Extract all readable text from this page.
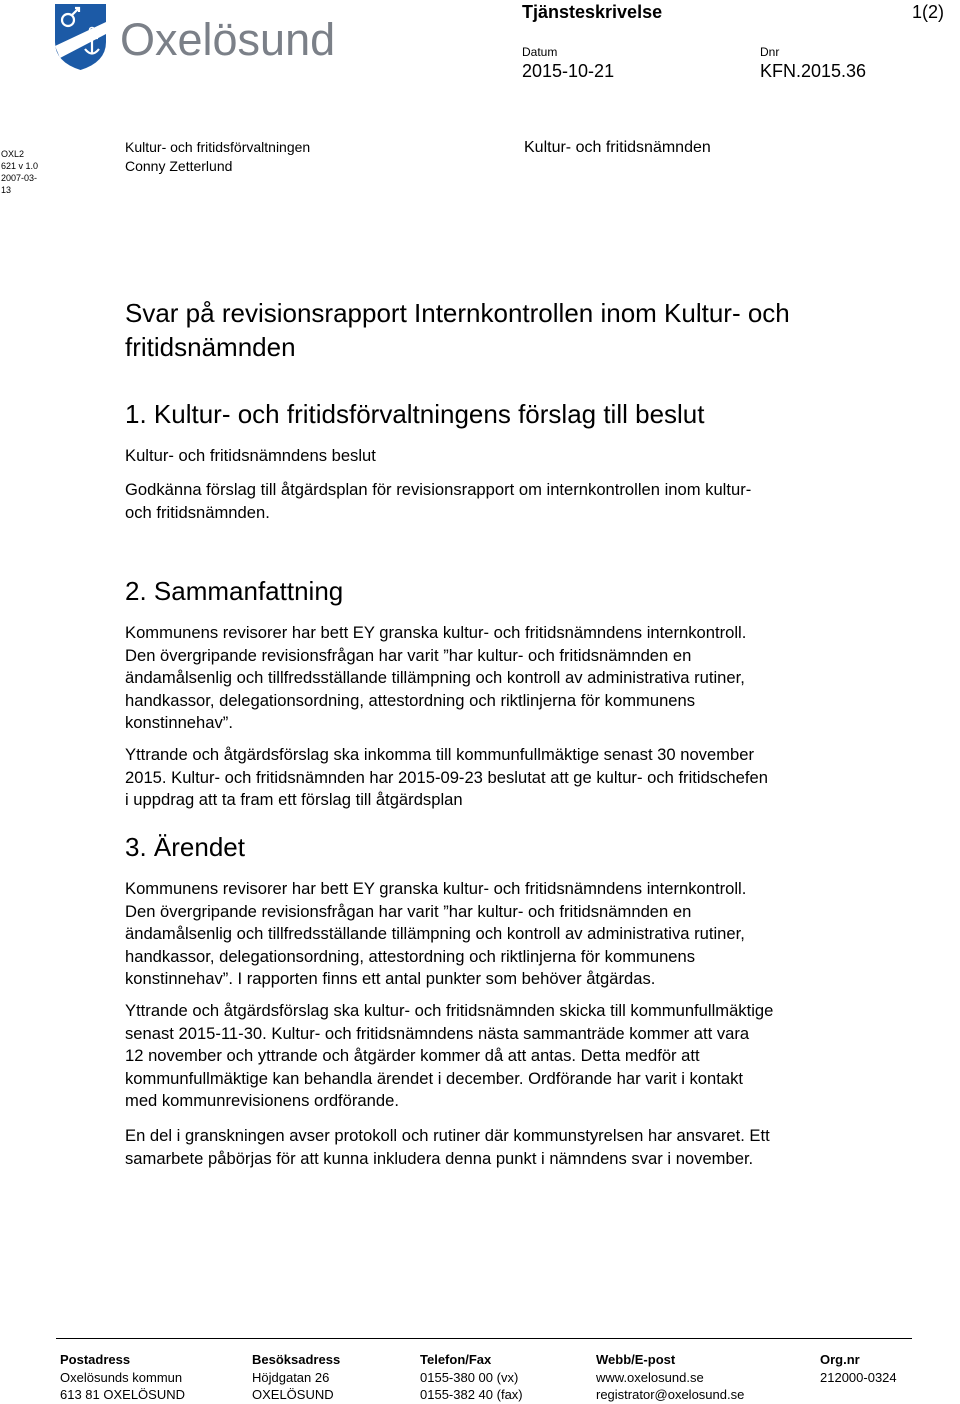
Oxelösund
Tjänsteskrivelse	1(2)
Datum
2015-10-21
Dnr
KFN.2015.36
OXL2 621 v 1.0 2007-03-13
Kultur- och fritidsförvaltningen
Conny Zetterlund
Kultur- och fritidsnämnden
Svar på revisionsrapport Internkontrollen inom Kultur- och fritidsnämnden
1. Kultur- och fritidsförvaltningens förslag till beslut
Kultur- och fritidsnämndens beslut
Godkänna förslag till åtgärdsplan för revisionsrapport om internkontrollen inom kultur-
och fritidsnämnden.
2. Sammanfattning
Kommunens revisorer har bett EY granska kultur- och fritidsnämndens internkontroll.
Den övergripande revisionsfrågan har varit ”har kultur- och fritidsnämnden en
ändamålsenlig och tillfredsställande tillämpning och kontroll av administrativa rutiner,
handkassor, delegationsordning, attestordning och riktlinjerna för kommunens
konstinnehav”.
Yttrande och åtgärdsförslag ska inkomma till kommunfullmäktige senast 30 november
2015. Kultur- och fritidsnämnden har 2015-09-23 beslutat att ge kultur- och fritidschefen
i uppdrag att ta fram ett förslag till åtgärdsplan
3. Ärendet
Kommunens revisorer har bett EY granska kultur- och fritidsnämndens internkontroll.
Den övergripande revisionsfrågan har varit ”har kultur- och fritidsnämnden en
ändamålsenlig och tillfredsställande tillämpning och kontroll av administrativa rutiner,
handkassor, delegationsordning, attestordning och riktlinjerna för kommunens
konstinnehav”. I rapporten finns ett antal punkter som behöver åtgärdas.
Yttrande och åtgärdsförslag ska kultur- och fritidsnämnden skicka till kommunfullmäktige
senast 2015-11-30. Kultur- och fritidsnämndens nästa sammanträde kommer att vara
12 november och yttrande och åtgärder kommer då att antas. Detta medför att
kommunfullmäktige kan behandla ärendet i december. Ordförande har varit i kontakt
med kommunrevisionens ordförande.
En del i granskningen avser protokoll och rutiner där kommunstyrelsen har ansvaret. Ett
samarbete påbörjas för att kunna inkludera denna punkt i nämndens svar i november.
Postadress
Oxelösunds kommun
613 81 OXELÖSUND
Besöksadress
Höjdgatan 26
OXELÖSUND
Telefon/Fax
0155-380 00 (vx)
0155-382 40 (fax)
Webb/E-post
www.oxelosund.se
registrator@oxelosund.se
Org.nr
212000-0324
